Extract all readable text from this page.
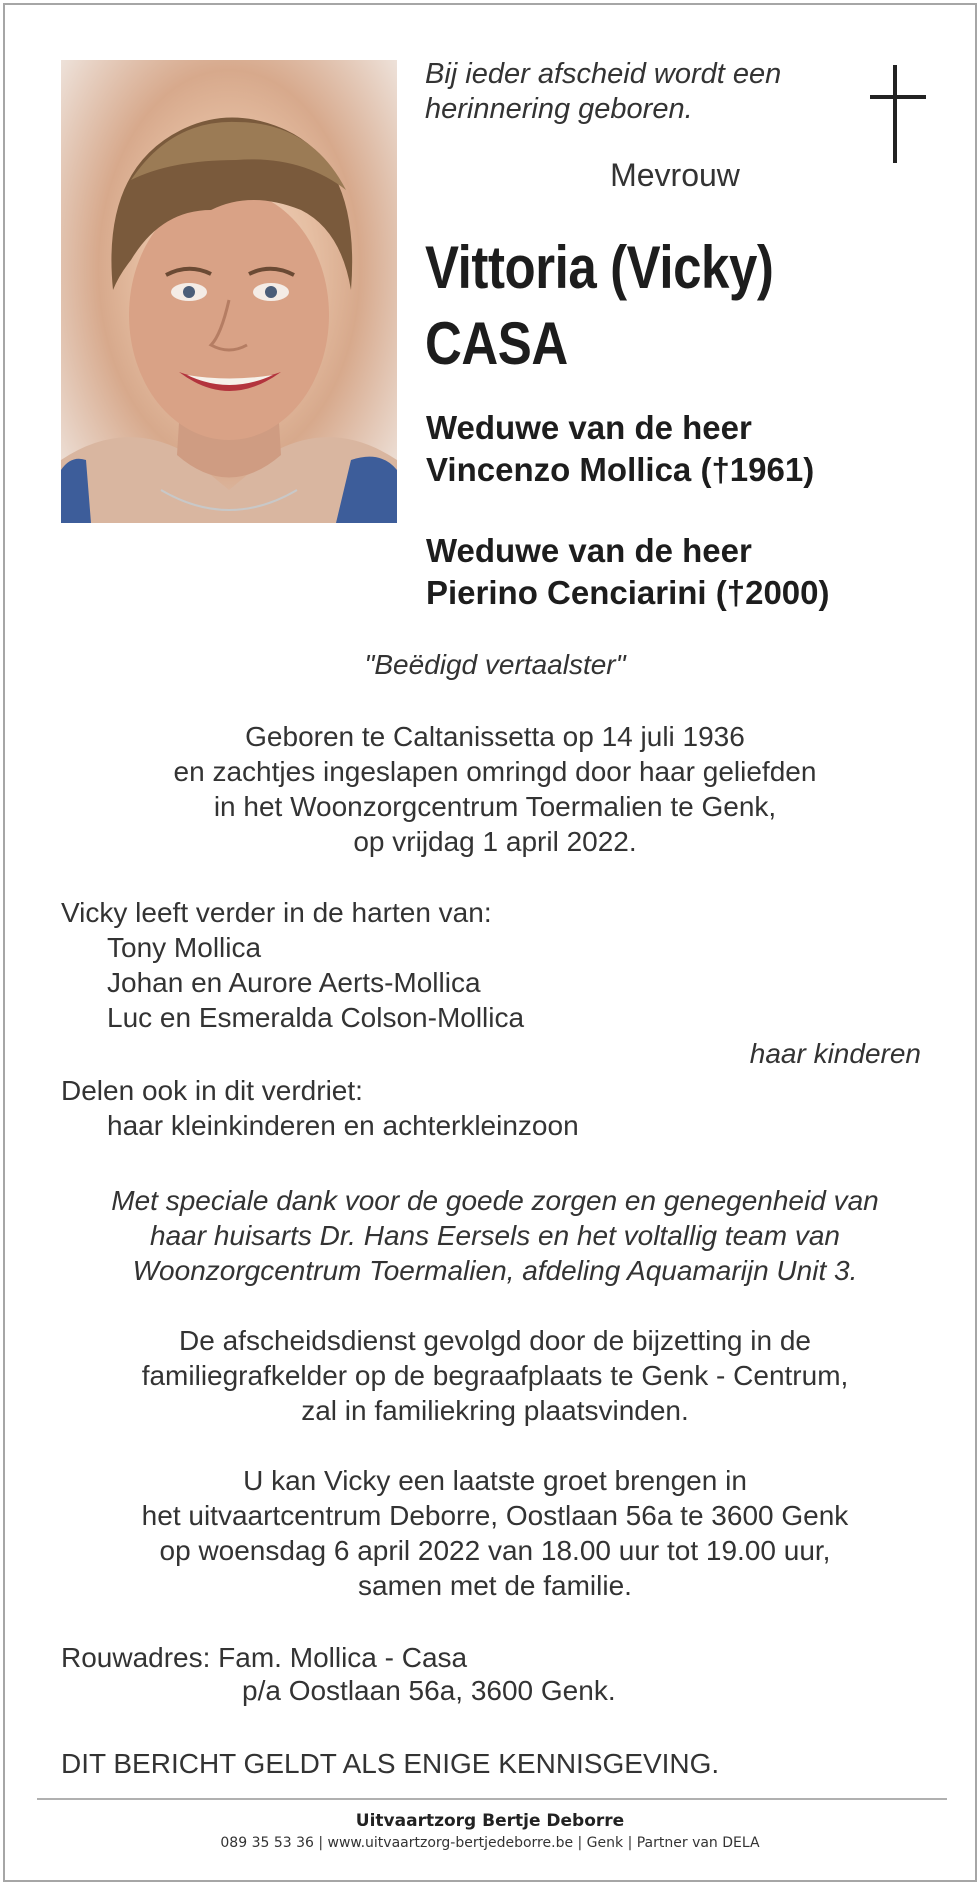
Bij ieder afscheid wordt een
herinnering geboren.
Mevrouw
Vittoria (Vicky)
CASA
Weduwe van de heer
Vincenzo Mollica (†1961)
Weduwe van de heer
Pierino Cenciarini (†2000)
"Beëdigd vertaalster"
Geboren te Caltanissetta op 14 juli 1936
en zachtjes ingeslapen omringd door haar geliefden
in het Woonzorgcentrum Toermalien te Genk,
op vrijdag 1 april 2022.
Vicky leeft verder in de harten van:
Tony Mollica
Johan en Aurore Aerts-Mollica
Luc en Esmeralda Colson-Mollica
haar kinderen
Delen ook in dit verdriet:
haar kleinkinderen en achterkleinzoon
Met speciale dank voor de goede zorgen en genegenheid van
haar huisarts Dr. Hans Eersels en het voltallig team van
Woonzorgcentrum Toermalien, afdeling Aquamarijn Unit 3.
De afscheidsdienst gevolgd door de bijzetting in de
familiegrafkelder op de begraafplaats te Genk - Centrum,
zal in familiekring plaatsvinden.
U kan Vicky een laatste groet brengen in
het uitvaartcentrum Deborre, Oostlaan 56a te 3600 Genk
op woensdag 6 april 2022 van 18.00 uur tot 19.00 uur,
samen met de familie.
Rouwadres: Fam. Mollica - Casa
p/a Oostlaan 56a, 3600 Genk.
DIT BERICHT GELDT ALS ENIGE KENNISGEVING.
Uitvaartzorg Bertje Deborre
089 35 53 36 | www.uitvaartzorg-bertjedeborre.be | Genk | Partner van DELA
